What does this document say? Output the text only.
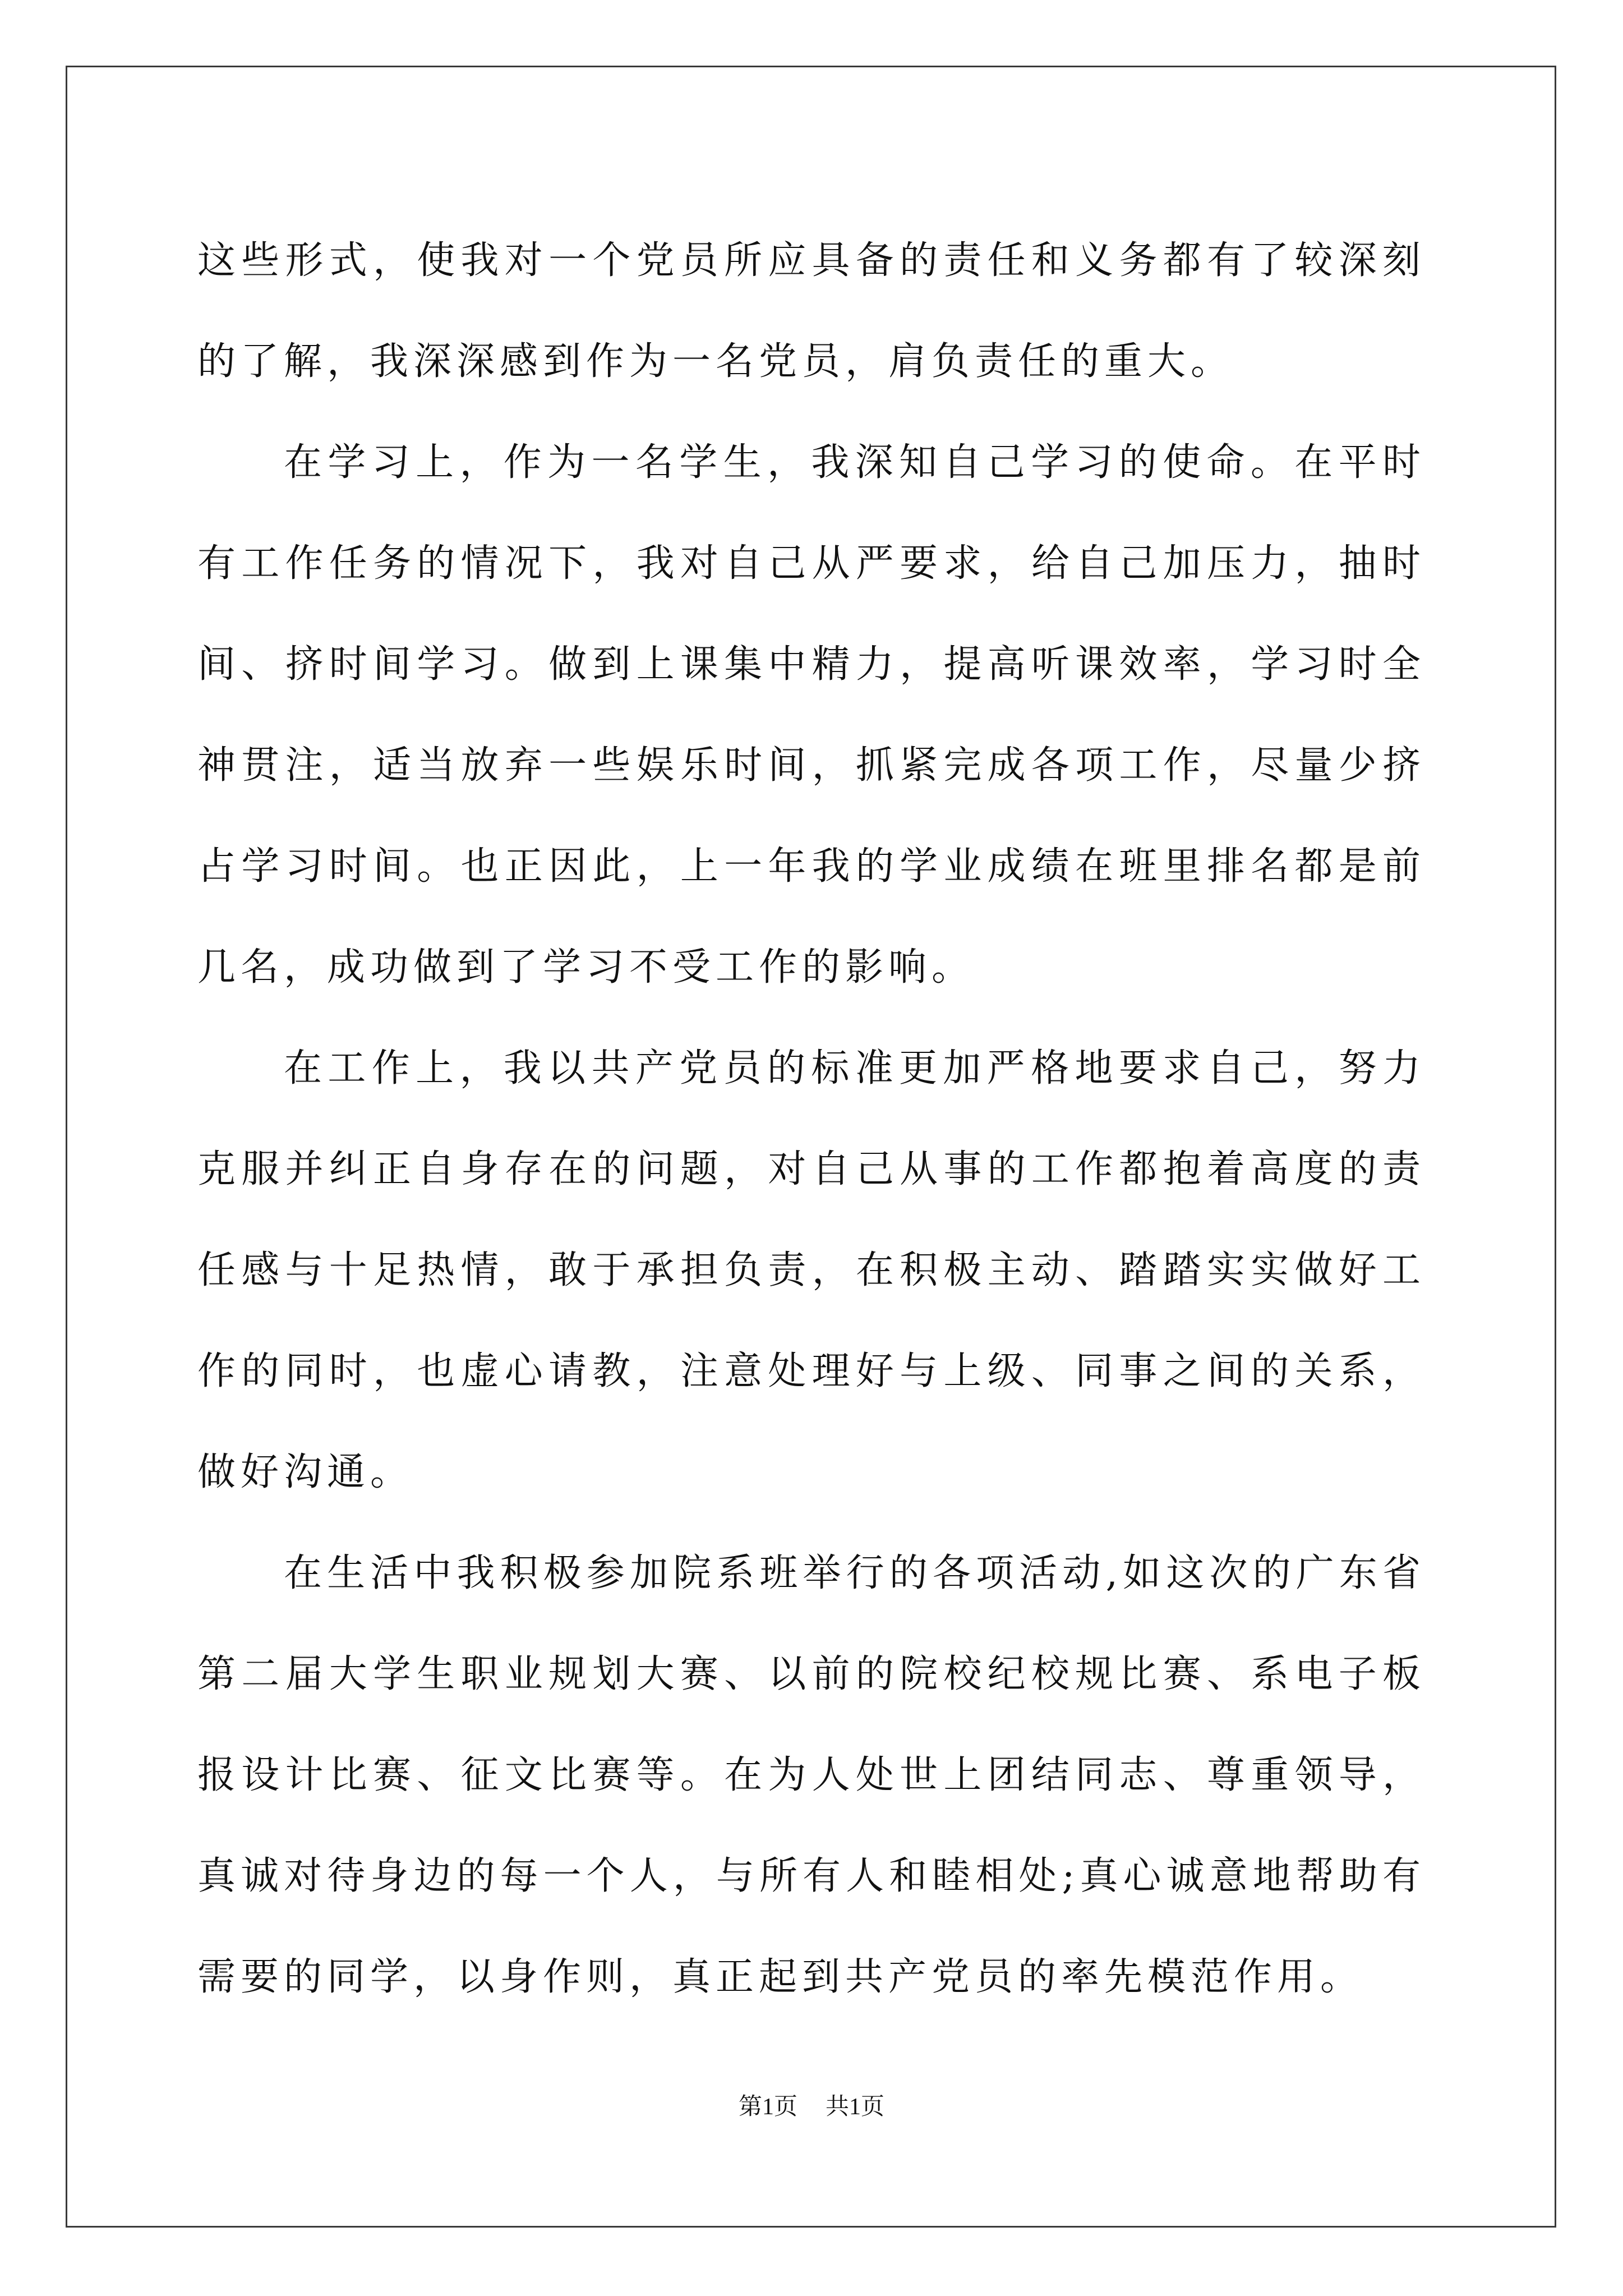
这些形式，使我对一个党员所应具备的责任和义务都有了较深刻的了解，我深深感到作为一名党员，肩负责任的重大。

在学习上，作为一名学生，我深知自己学习的使命。在平时有工作任务的情况下，我对自己从严要求，给自己加压力，抽时间、挤时间学习。做到上课集中精力，提高听课效率，学习时全神贯注，适当放弃一些娱乐时间，抓紧完成各项工作，尽量少挤占学习时间。也正因此，上一年我的学业成绩在班里排名都是前几名，成功做到了学习不受工作的影响。

在工作上，我以共产党员的标准更加严格地要求自己，努力克服并纠正自身存在的问题，对自己从事的工作都抱着高度的责任感与十足热情，敢于承担负责，在积极主动、踏踏实实做好工作的同时，也虚心请教，注意处理好与上级、同事之间的关系，做好沟通。

在生活中我积极参加院系班举行的各项活动,如这次的广东省第二届大学生职业规划大赛、以前的院校纪校规比赛、系电子板报设计比赛、征文比赛等。在为人处世上团结同志、尊重领导，真诚对待身边的每一个人，与所有人和睦相处;真心诚意地帮助有需要的同学，以身作则，真正起到共产党员的率先模范作用。

第1页 共1页
